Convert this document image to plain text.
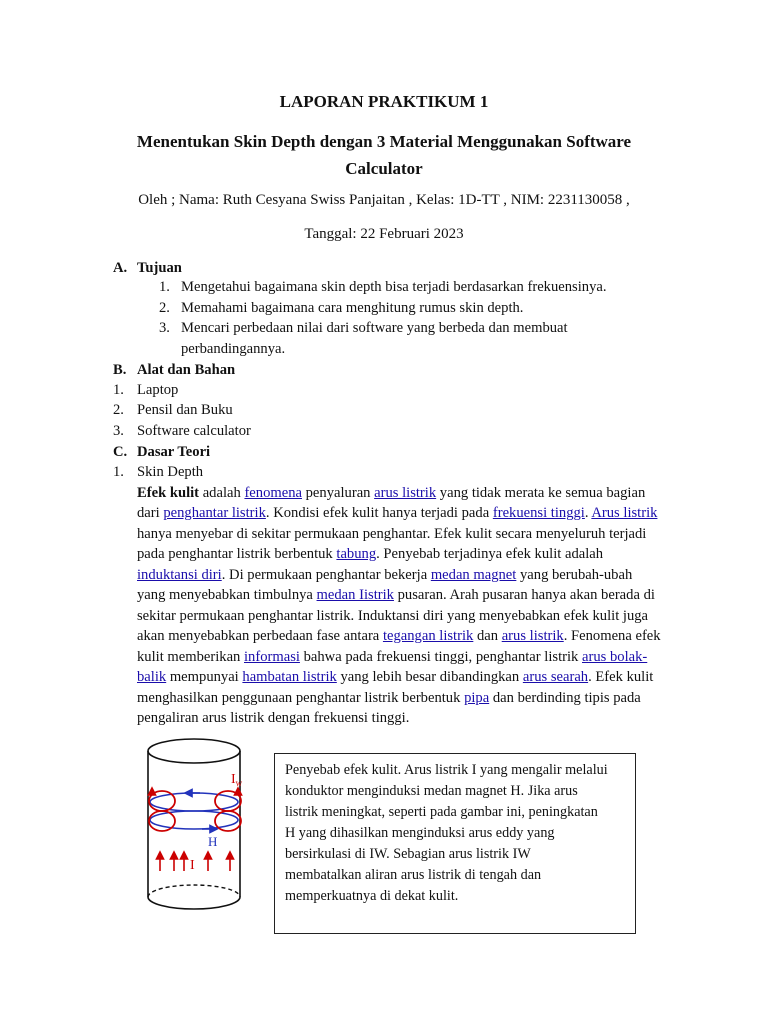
LAPORAN PRAKTIKUM 1
Menentukan Skin Depth dengan 3 Material Menggunakan Software
Calculator
Oleh ; Nama: Ruth Cesyana Swiss Panjaitan , Kelas: 1D-TT , NIM: 2231130058 ,
Tanggal: 22 Februari 2023
A. Tujuan
1. Mengetahui bagaimana skin depth bisa terjadi berdasarkan frekuensinya.
2. Memahami bagaimana cara menghitung rumus skin depth.
3. Mencari perbedaan nilai dari software yang berbeda dan membuat
perbandingannya.
B. Alat dan Bahan
1. Laptop
2. Pensil dan Buku
3. Software calculator
C. Dasar Teori
1. Skin Depth
Efek kulit adalah fenomena penyaluran arus listrik yang tidak merata ke semua bagian
dari penghantar listrik. Kondisi efek kulit hanya terjadi pada frekuensi tinggi. Arus listrik
hanya menyebar di sekitar permukaan penghantar. Efek kulit secara menyeluruh terjadi
pada penghantar listrik berbentuk tabung. Penyebab terjadinya efek kulit adalah
induktansi diri. Di permukaan penghantar bekerja medan magnet yang berubah-ubah
yang menyebabkan timbulnya medan Iistrik pusaran. Arah pusaran hanya akan berada di
sekitar permukaan penghantar listrik. Induktansi diri yang menyebabkan efek kulit juga
akan menyebabkan perbedaan fase antara tegangan listrik dan arus listrik. Fenomena efek
kulit memberikan informasi bahwa pada frekuensi tinggi, penghantar listrik arus bolak-
balik mempunyai hambatan listrik yang lebih besar dibandingkan arus searah. Efek kulit
menghasilkan penggunaan penghantar listrik berbentuk pipa dan berdinding tipis pada
pengaliran arus listrik dengan frekuensi tinggi.
$I_w$
H
I
Penyebab efek kulit. Arus listrik I yang mengalir melalui
konduktor menginduksi medan magnet H. Jika arus
listrik meningkat, seperti pada gambar ini, peningkatan
H yang dihasilkan menginduksi arus eddy yang
bersirkulasi di IW. Sebagian arus listrik IW
membatalkan aliran arus listrik di tengah dan
memperkuatnya di dekat kulit.
